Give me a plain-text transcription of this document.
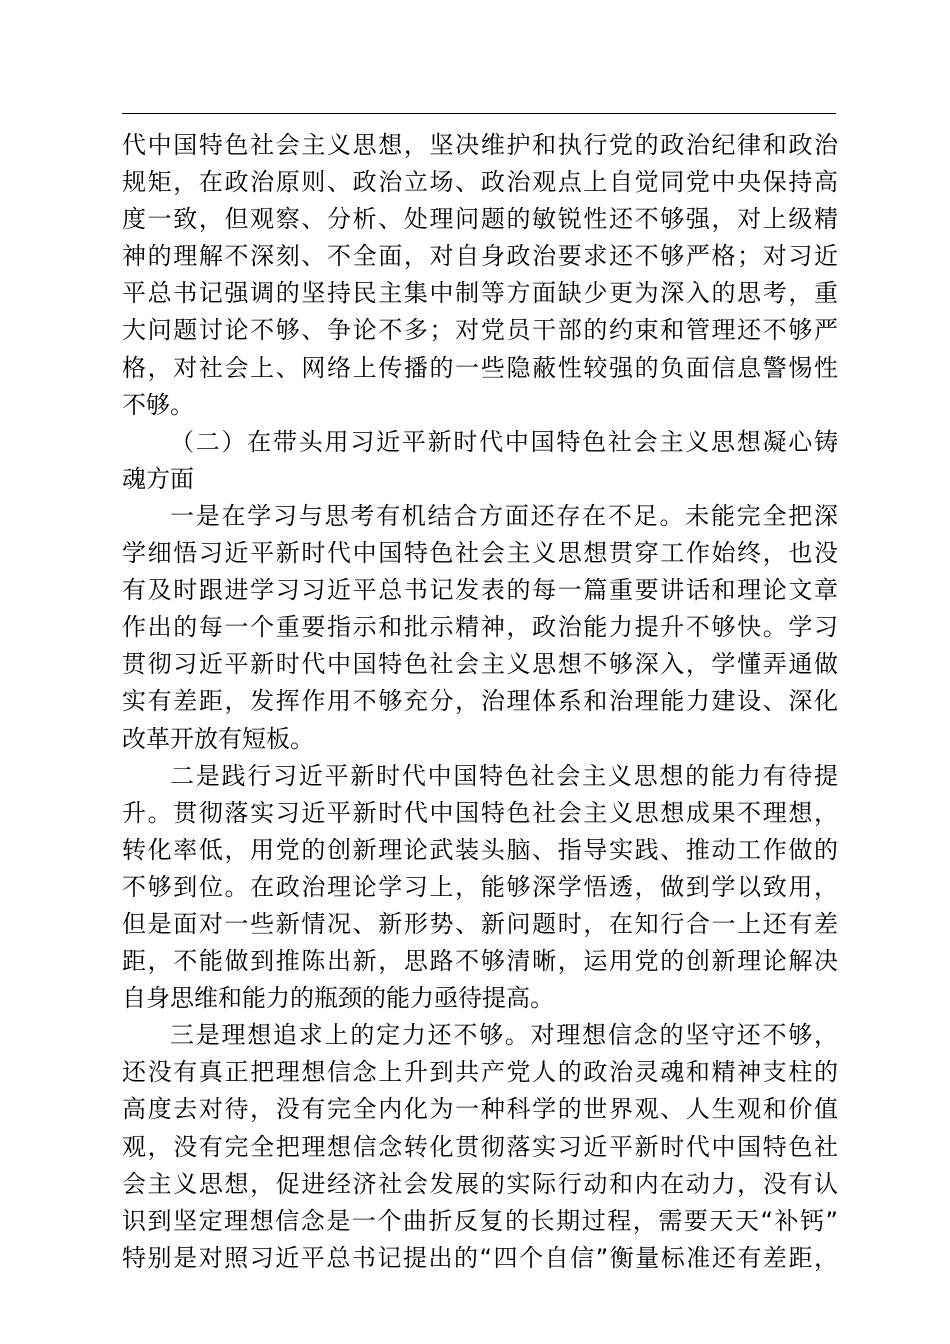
代中国特色社会主义思想，坚决维护和执行党的政治纪律和政治
规矩，在政治原则、政治立场、政治观点上自觉同党中央保持高
度一致，但观察、分析、处理问题的敏锐性还不够强，对上级精
神的理解不深刻、不全面，对自身政治要求还不够严格；对习近
平总书记强调的坚持民主集中制等方面缺少更为深入的思考，重
大问题讨论不够、争论不多；对党员干部的约束和管理还不够严
格，对社会上、网络上传播的一些隐蔽性较强的负面信息警惕性
不够。
（二）在带头用习近平新时代中国特色社会主义思想凝心铸
魂方面
一是在学习与思考有机结合方面还存在不足。未能完全把深
学细悟习近平新时代中国特色社会主义思想贯穿工作始终，也没
有及时跟进学习习近平总书记发表的每一篇重要讲话和理论文章
作出的每一个重要指示和批示精神，政治能力提升不够快。学习
贯彻习近平新时代中国特色社会主义思想不够深入，学懂弄通做
实有差距，发挥作用不够充分，治理体系和治理能力建设、深化
改革开放有短板。
二是践行习近平新时代中国特色社会主义思想的能力有待提
升。贯彻落实习近平新时代中国特色社会主义思想成果不理想，
转化率低，用党的创新理论武装头脑、指导实践、推动工作做的
不够到位。在政治理论学习上，能够深学悟透，做到学以致用，
但是面对一些新情况、新形势、新问题时，在知行合一上还有差
距，不能做到推陈出新，思路不够清晰，运用党的创新理论解决
自身思维和能力的瓶颈的能力亟待提高。
三是理想追求上的定力还不够。对理想信念的坚守还不够，
还没有真正把理想信念上升到共产党人的政治灵魂和精神支柱的
高度去对待，没有完全内化为一种科学的世界观、人生观和价值
观，没有完全把理想信念转化贯彻落实习近平新时代中国特色社
会主义思想，促进经济社会发展的实际行动和内在动力，没有认
识到坚定理想信念是一个曲折反复的长期过程，需要天天“补钙”
特别是对照习近平总书记提出的“四个自信”衡量标准还有差距，
